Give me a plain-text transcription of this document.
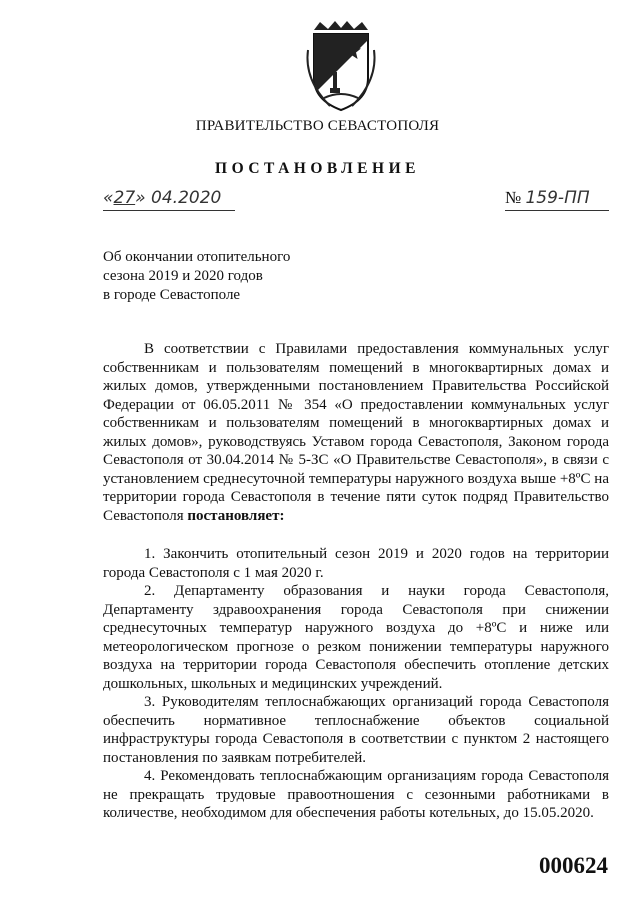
ПРАВИТЕЛЬСТВО СЕВАСТОПОЛЯ
ПОСТАНОВЛЕНИЕ
«27» 04.2020	№ 159-ПП
Об окончании отопительного
сезона 2019 и 2020 годов
в городе Севастополе
В соответствии с Правилами предоставления коммунальных услуг собственникам и пользователям помещений в многоквартирных домах и жилых домов, утвержденными постановлением Правительства Российской Федерации от 06.05.2011 № 354 «О предоставлении коммунальных услуг собственникам и пользователям помещений в многоквартирных домах и жилых домов», руководствуясь Уставом города Севастополя, Законом города Севастополя от 30.04.2014 № 5-ЗС «О Правительстве Севастополя», в связи с установлением среднесуточной температуры наружного воздуха выше +8ºС на территории города Севастополя в течение пяти суток подряд Правительство Севастополя постановляет:

1. Закончить отопительный сезон 2019 и 2020 годов на территории города Севастополя с 1 мая 2020 г.

2. Департаменту образования и науки города Севастополя, Департаменту здравоохранения города Севастополя при снижении среднесуточных температур наружного воздуха до +8ºС и ниже или метеорологическом прогнозе о резком понижении температуры наружного воздуха на территории города Севастополя обеспечить отопление детских дошкольных, школьных и медицинских учреждений.

3. Руководителям теплоснабжающих организаций города Севастополя обеспечить нормативное теплоснабжение объектов социальной инфраструктуры города Севастополя в соответствии с пунктом 2 настоящего постановления по заявкам потребителей.

4. Рекомендовать теплоснабжающим организациям города Севастополя не прекращать трудовые правоотношения с сезонными работниками в количестве, необходимом для обеспечения работы котельных, до 15.05.2020.

000624
